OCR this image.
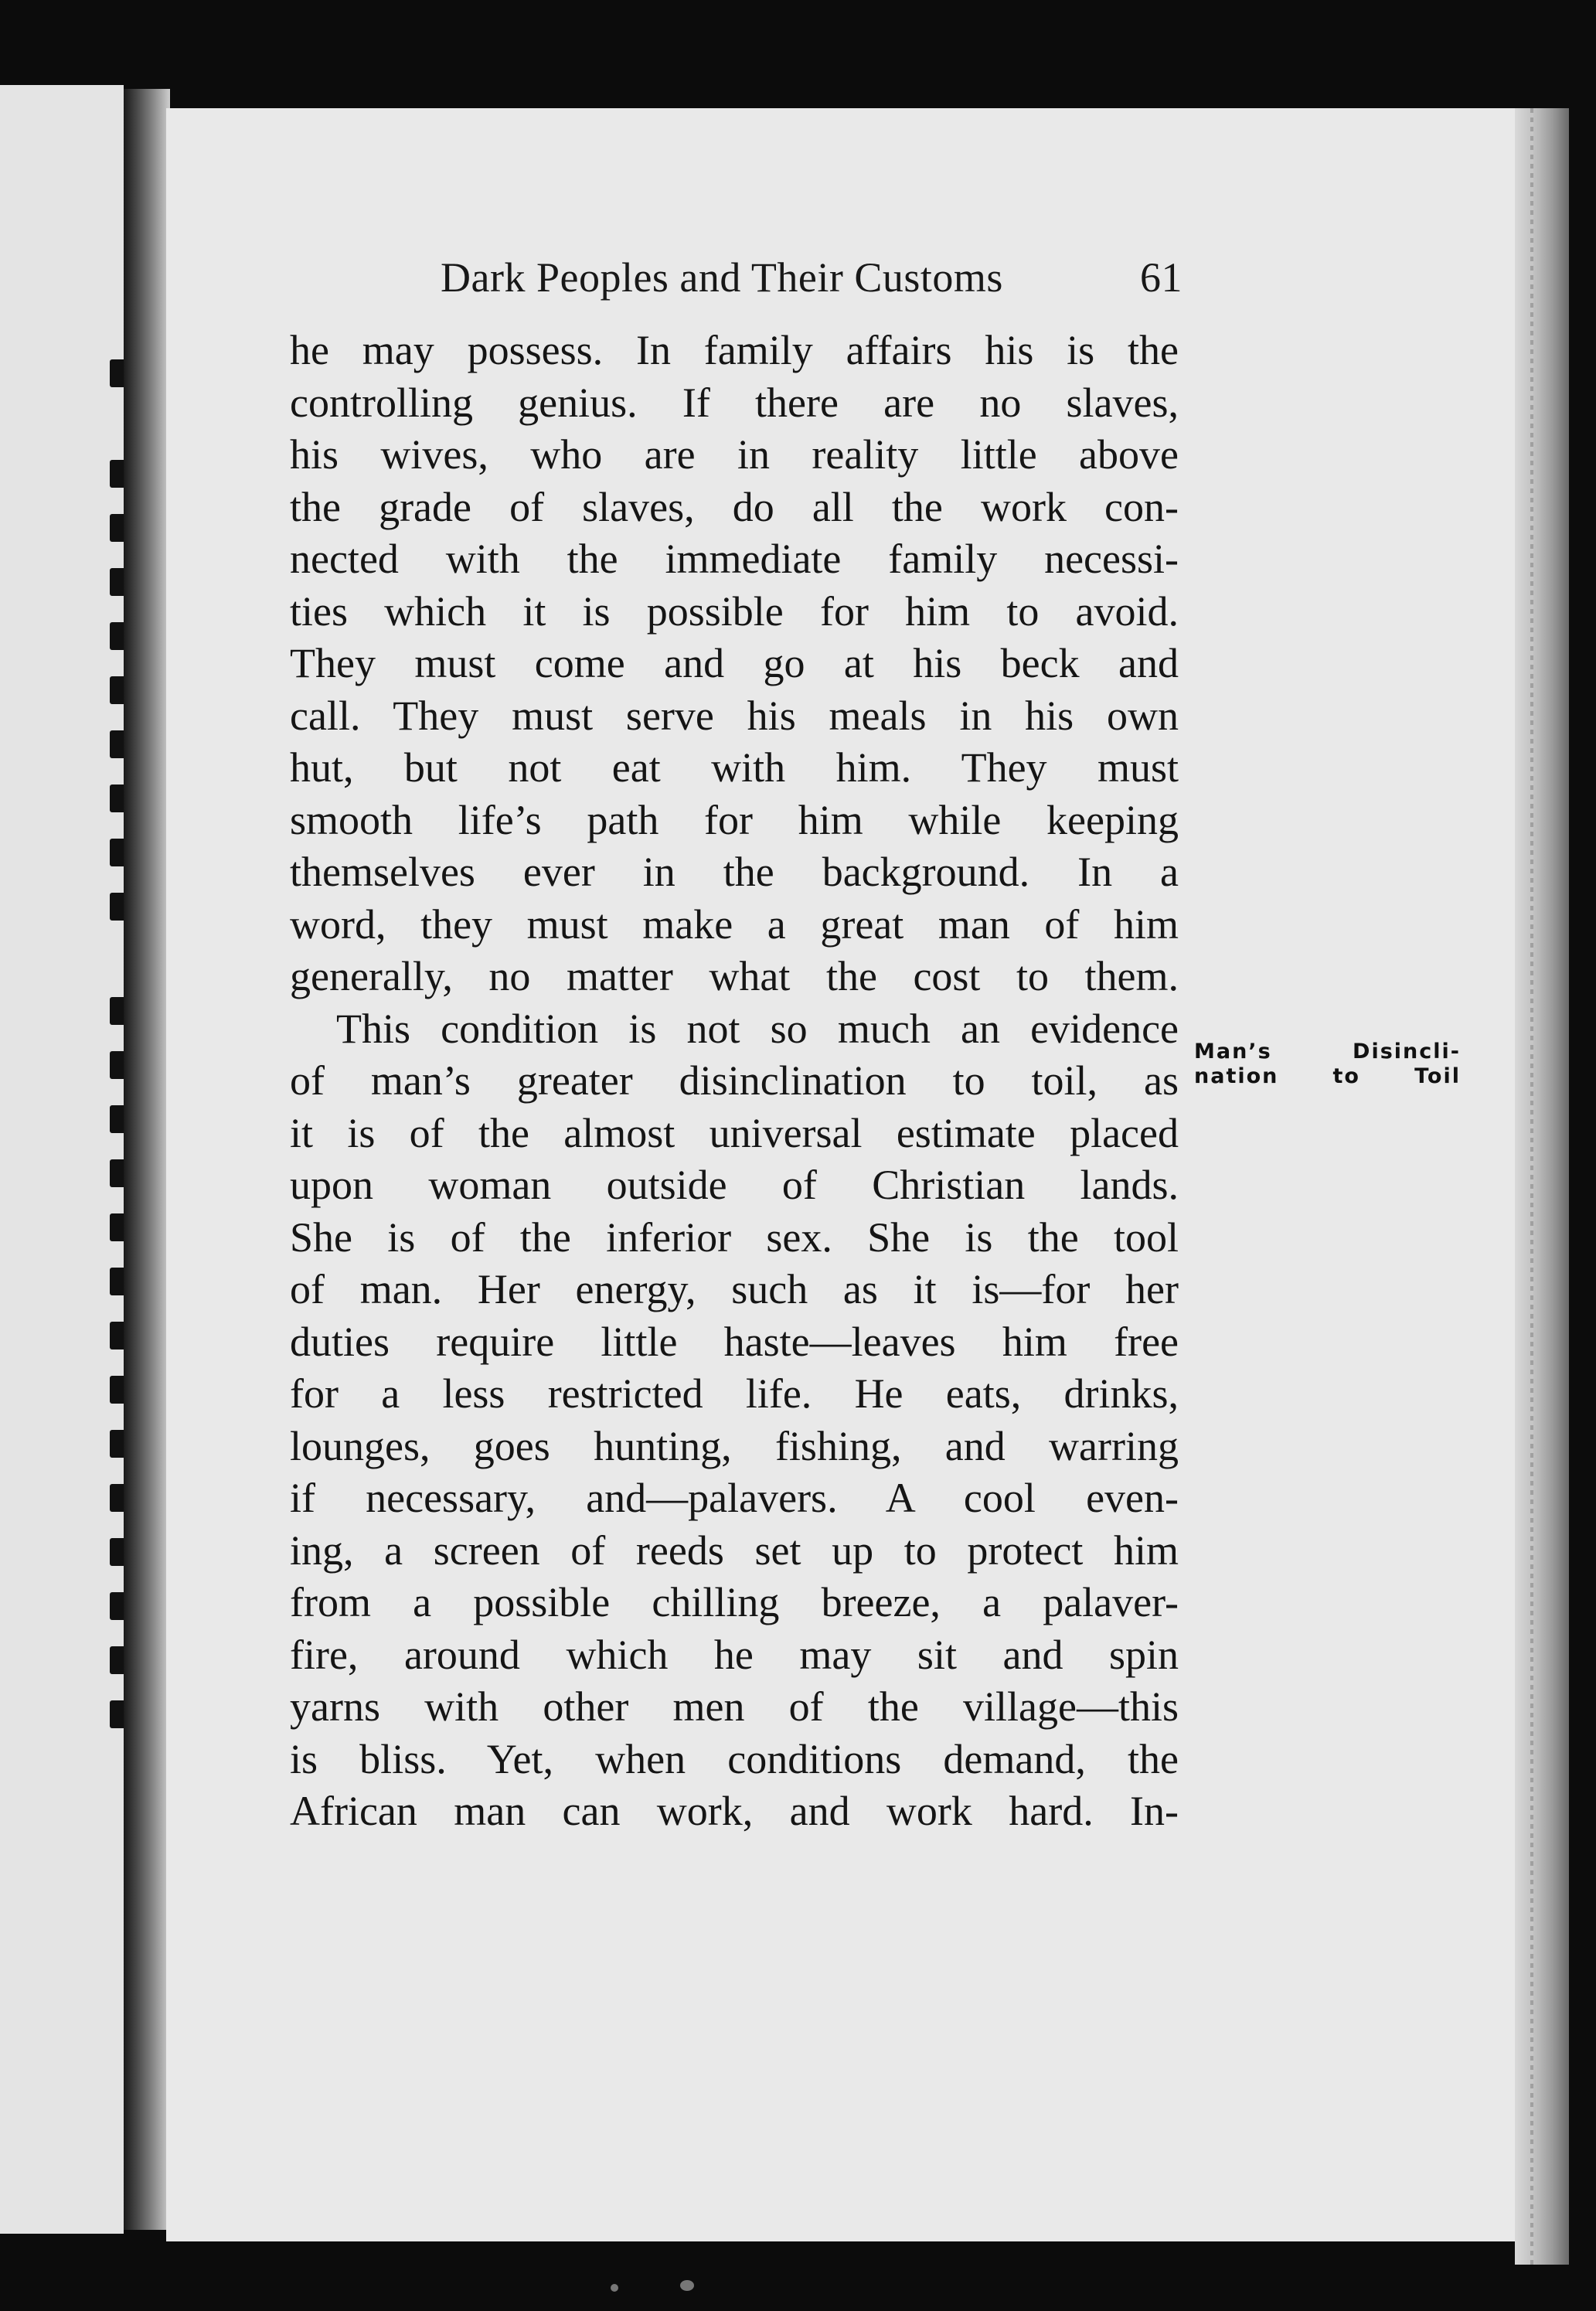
Dark Peoples and Their Customs	61
he may possess. In family affairs his is the
controlling genius. If there are no slaves,
his wives, who are in reality little above
the grade of slaves, do all the work con-
nected with the immediate family necessi-
ties which it is possible for him to avoid.
They must come and go at his beck and
call. They must serve his meals in his own
hut, but not eat with him. They must
smooth life’s path for him while keeping
themselves ever in the background. In a
word, they must make a great man of him
generally, no matter what the cost to them.
This condition is not so much an evidence
of man’s greater disinclination to toil, as
it is of the almost universal estimate placed
upon woman outside of Christian lands.
She is of the inferior sex. She is the tool
of man. Her energy, such as it is—for her
duties require little haste—leaves him free
for a less restricted life. He eats, drinks,
lounges, goes hunting, fishing, and warring
if necessary, and—palavers. A cool even-
ing, a screen of reeds set up to protect him
from a possible chilling breeze, a palaver-
fire, around which he may sit and spin
yarns with other men of the village—this
is bliss. Yet, when conditions demand, the
African man can work, and work hard. In-
Man’s Disincli-
nation to Toil
